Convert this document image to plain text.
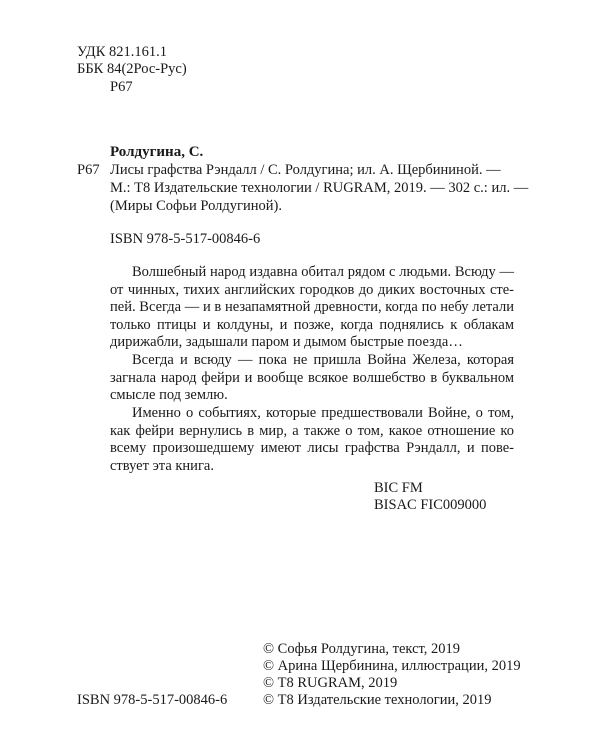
УДК 821.161.1
ББК 84(2Рос-Рус)
Р67
Ролдугина, С.
Р67 Лисы графства Рэндалл / С. Ролдугина; ил. А. Щербининой. —
М.: Т8 Издательские технологии / RUGRAM, 2019. — 302 с.: ил. —
(Миры Софьи Ролдугиной).
ISBN 978-5-517-00846-6
Волшебный народ издавна обитал рядом с людьми. Всюду —
от чинных, тихих английских городков до диких восточных сте-
пей. Всегда — и в незапамятной древности, когда по небу летали
только птицы и колдуны, и позже, когда поднялись к облакам
дирижабли, задышали паром и дымом быстрые поезда…
Всегда и всюду — пока не пришла Война Железа, которая
загнала народ фейри и вообще всякое волшебство в буквальном
смысле под землю.
Именно о событиях, которые предшествовали Войне, о том,
как фейри вернулись в мир, а также о том, какое отношение ко
всему произошедшему имеют лисы графства Рэндалл, и пове-
ствует эта книга.
BIC FM
BISAC FIC009000
© Софья Ролдугина, текст, 2019
© Арина Щербинина, иллюстрации, 2019
© Т8 RUGRAM, 2019
© Т8 Издательские технологии, 2019
ISBN 978-5-517-00846-6
